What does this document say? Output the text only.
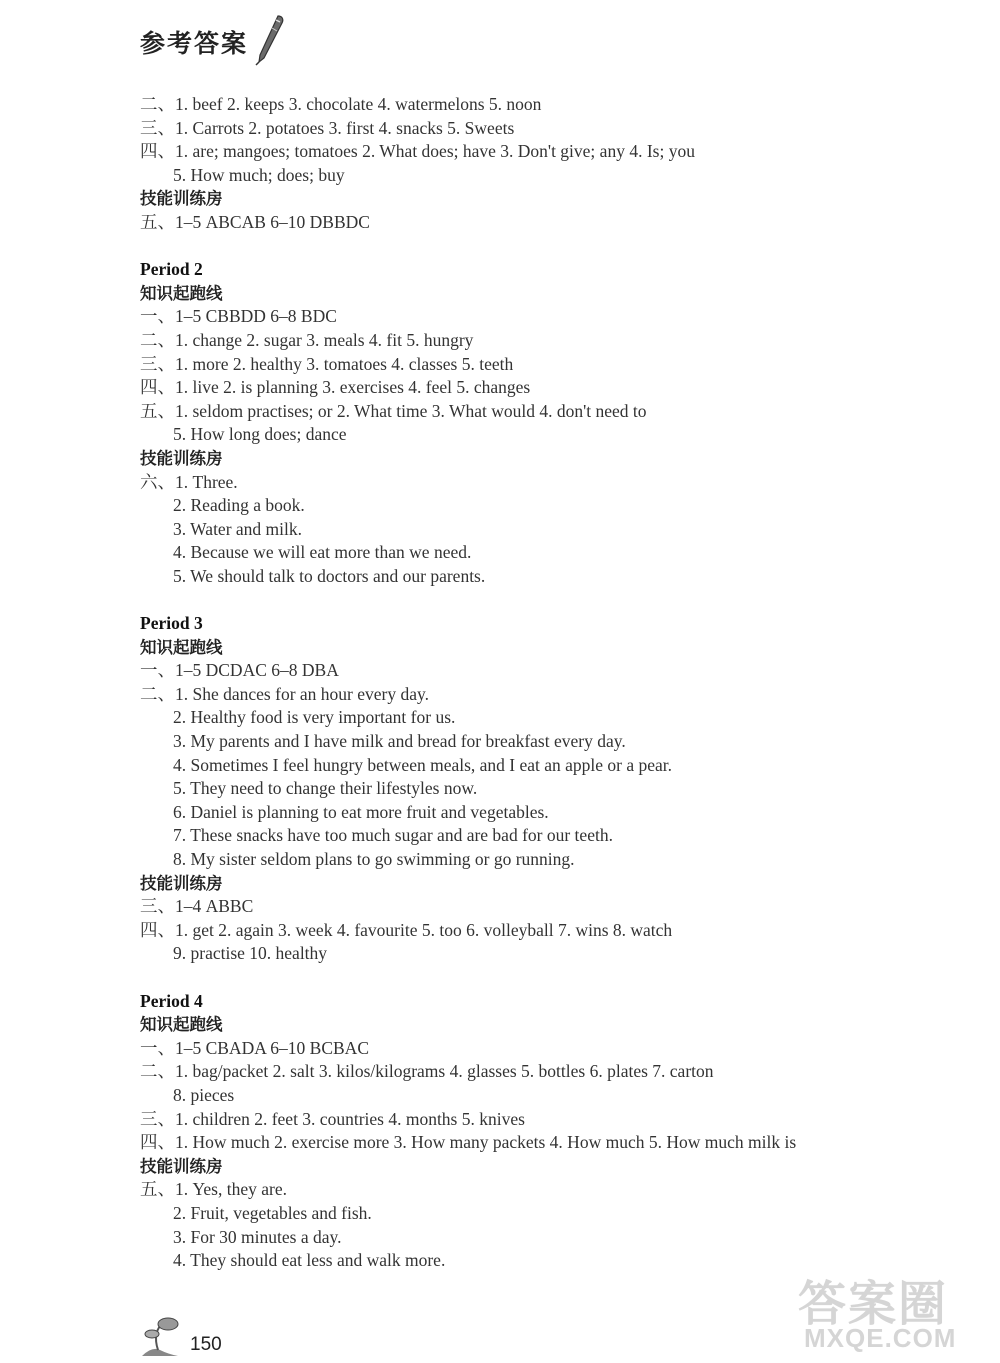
参考答案
二、1. beef 2. keeps 3. chocolate 4. watermelons 5. noon
三、1. Carrots 2. potatoes 3. first 4. snacks 5. Sweets
四、1. are; mangoes; tomatoes 2. What does; have 3. Don't give; any 4. Is; you
5. How much; does; buy
技能训练房
五、1–5 ABCAB 6–10 DBBDC
Period 2
知识起跑线
一、1–5 CBBDD 6–8 BDC
二、1. change 2. sugar 3. meals 4. fit 5. hungry
三、1. more 2. healthy 3. tomatoes 4. classes 5. teeth
四、1. live 2. is planning 3. exercises 4. feel 5. changes
五、1. seldom practises; or 2. What time 3. What would 4. don't need to
5. How long does; dance
技能训练房
六、1. Three.
2. Reading a book.
3. Water and milk.
4. Because we will eat more than we need.
5. We should talk to doctors and our parents.
Period 3
知识起跑线
一、1–5 DCDAC 6–8 DBA
二、1. She dances for an hour every day.
2. Healthy food is very important for us.
3. My parents and I have milk and bread for breakfast every day.
4. Sometimes I feel hungry between meals, and I eat an apple or a pear.
5. They need to change their lifestyles now.
6. Daniel is planning to eat more fruit and vegetables.
7. These snacks have too much sugar and are bad for our teeth.
8. My sister seldom plans to go swimming or go running.
技能训练房
三、1–4 ABBC
四、1. get 2. again 3. week 4. favourite 5. too 6. volleyball 7. wins 8. watch
9. practise 10. healthy
Period 4
知识起跑线
一、1–5 CBADA 6–10 BCBAC
二、1. bag/packet 2. salt 3. kilos/kilograms 4. glasses 5. bottles 6. plates 7. carton
8. pieces
三、1. children 2. feet 3. countries 4. months 5. knives
四、1. How much 2. exercise more 3. How many packets 4. How much 5. How much milk is
技能训练房
五、1. Yes, they are.
2. Fruit, vegetables and fish.
3. For 30 minutes a day.
4. They should eat less and walk more.
150
答案圈
MXQE.COM
